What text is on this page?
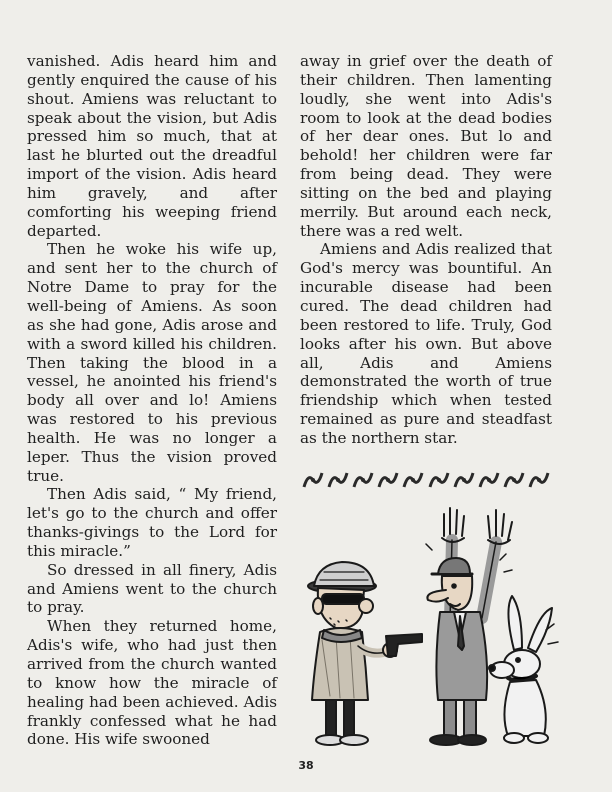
vanished. Adis heard him and gently enquired the cause of his shout. Amiens was reluctant to speak about the vision, but Adis pressed him so much, that at last he blurted out the dreadful import of the vision. Adis heard him gravely, and after comforting his weeping friend departed.

Then he woke his wife up, and sent her to the church of Notre Dame to pray for the well-being of Amiens. As soon as she had gone, Adis arose and with a sword killed his children. Then taking the blood in a vessel, he anointed his friend's body all over and lo! Amiens was restored to his previous health. He was no longer a leper. Thus the vision proved true.

Then Adis said, “ My friend, let's go to the church and offer thanks-givings to the Lord for this miracle.”

So dressed in all finery, Adis and Amiens went to the church to pray.

When they returned home, Adis's wife, who had just then arrived from the church wanted to know how the miracle of healing had been achieved. Adis frankly confessed what he had done. His wife swooned

away in grief over the death of their children. Then lamenting loudly, she went into Adis's room to look at the dead bodies of her dear ones. But lo and behold! her children were far from being dead. They were sitting on the bed and playing merrily. But around each neck, there was a red welt.

Amiens and Adis realized that God's mercy was bountiful. An incurable disease had been cured. The dead children had been restored to life. Truly, God looks after his own. But above all, Adis and Amiens demonstrated the worth of true friendship which when tested remained as pure and steadfast as the northern star.

38
